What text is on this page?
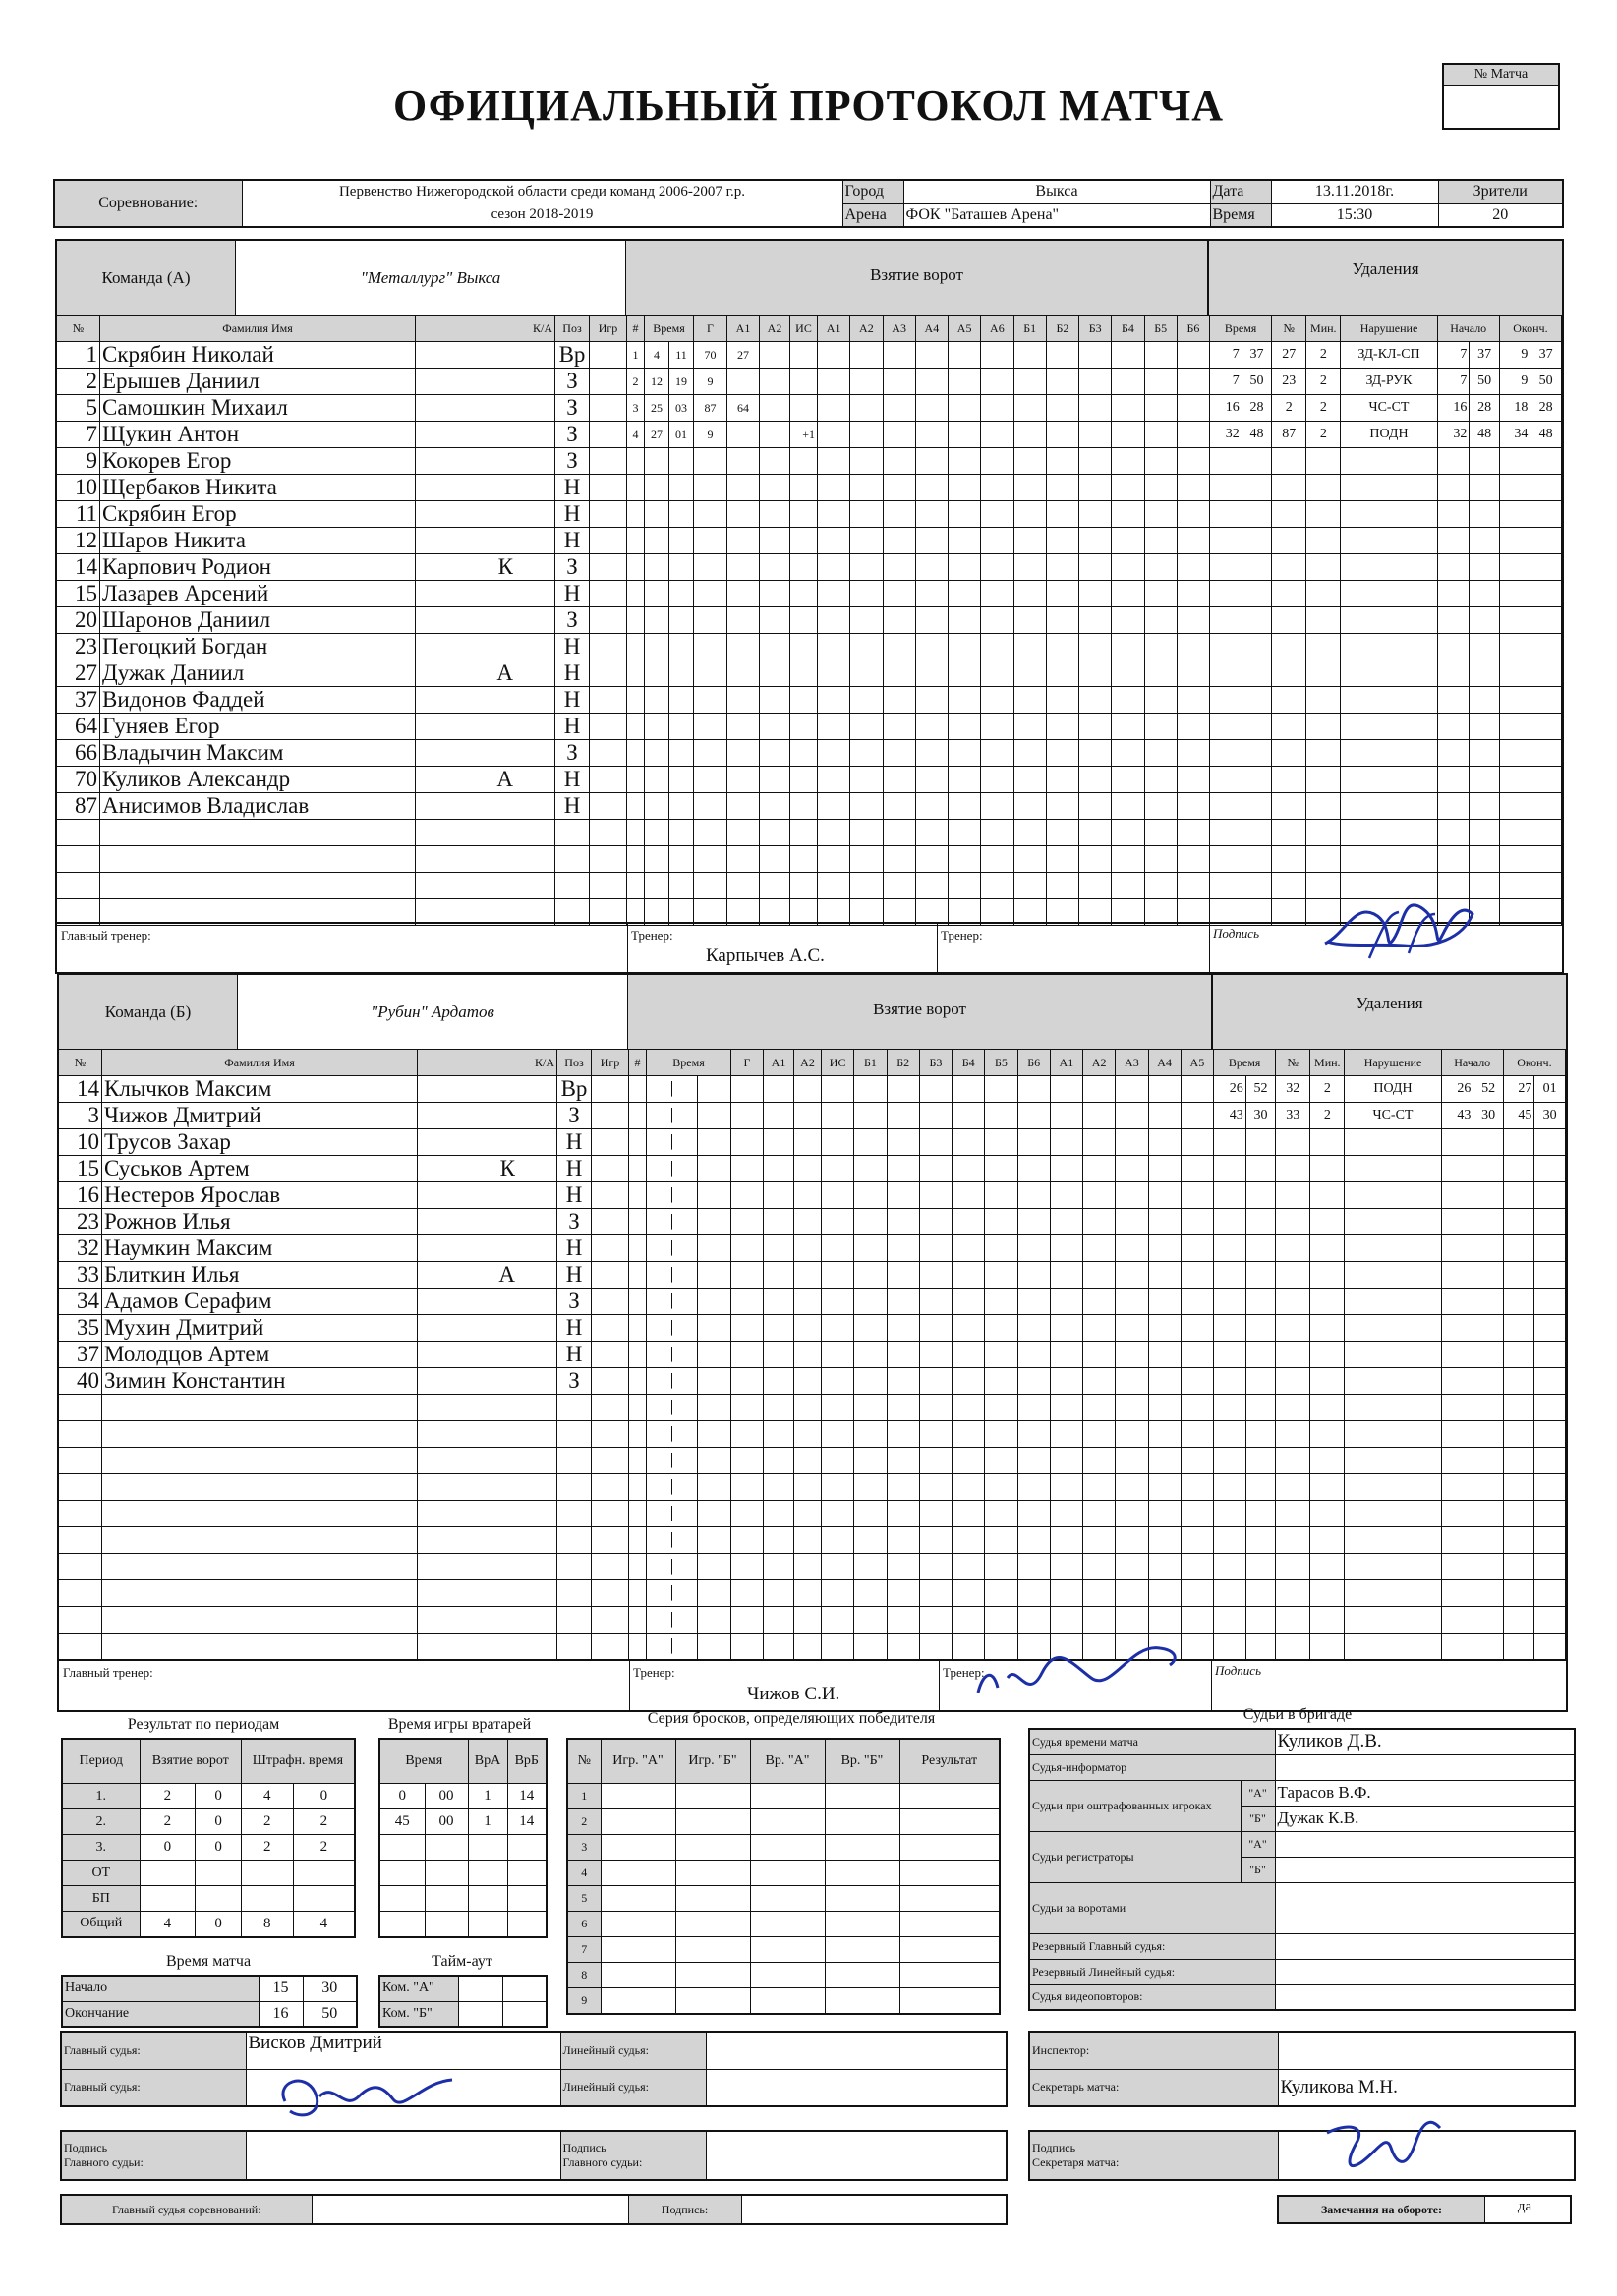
ОФИЦИАЛЬНЫЙ ПРОТОКОЛ МАТЧА
№ Матча
Соревнование:	Первенство Нижегородской области среди команд 2006-2007 г.р.	Город	Выкса	Дата	13.11.2018г.	Зрители
	сезон 2018-2019	Арена	ФОК "Баташев Арена"	Время	15:30	20
Команда (А)	"Металлург" Выкса	Взятие ворот	Удаления
№	Фамилия Имя	К/А	Поз	Игр
1	Скрябин Николай		Вр	
2	Ерышев Даниил		З	
5	Самошкин Михаил		З	
7	Щукин Антон		З	
9	Кокорев Егор		З	
10	Щербаков Никита		Н	
11	Скрябин Егор		Н	
12	Шаров Никита		Н	
14	Карпович Родион	К	З	
15	Лазарев Арсений		Н	
20	Шаронов Даниил		З	
23	Пегоцкий Богдан		Н	
27	Дужак Даниил	А	Н	
37	Видонов Фаддей		Н	
64	Гуняев Егор		Н	
66	Владычин Максим		З	
70	Куликов Александр	А	Н	
87	Анисимов Владислав		Н	

#	Время		Г	А1	А2	ИС	А1	А2	А3	А4	А5	А6	Б1	Б2	Б3	Б4	Б5	Б6
1	4	11	70	27														
2	12	19	9															
3	25	03	87	64														
4	27	01	9			+1												

Время		№	Мин.	Нарушение	Начало		Оконч.	
7	37	27	2	ЗД-КЛ-СП	7	37	9	37
7	50	23	2	ЗД-РУК	7	50	9	50
16	28	2	2	ЧС-СТ	16	28	18	28
32	48	87	2	ПОДН	32	48	34	48

Главный тренер:	Тренер:
Карпычев А.С.
Тренер:	Подпись
Команда (Б)	"Рубин" Ардатов	Взятие ворот	Удаления
№	Фамилия Имя	К/А	Поз	Игр
14	Клычков Максим		Вр	
3	Чижов Дмитрий		З	
10	Трусов Захар		Н	
15	Суськов Артем	К	Н	
16	Нестеров Ярослав		Н	
23	Рожнов Илья		З	
32	Наумкин Максим		Н	
33	Блиткин Илья	А	Н	
34	Адамов Серафим		З	
35	Мухин Дмитрий		Н	
37	Молодцов Артем		Н	
40	Зимин Константин		З	

#	Время		Г	А1	А2	ИС	Б1	Б2	Б3	Б4	Б5	Б6	А1	А2	А3	А4	А5	

																	Время		№	Мин.	Нарушение	Начало		Оконч.	
26	52	32	2	ПОДН	26	52	27	01
43	30	33	2	ЧС-СТ	43	30	45	30

Главный тренер:	Тренер:
Чижов С.И.
Тренер:	Подпись
Результат по периодам
Период	Взятие ворот		Штрафн. время	
1.	2	0	4	0
2.	2	0	2	2
3.	0	0	2	2
ОТ				
БП				
Общий	4	0	8	4
Время матча
Начало	15	30
Окончание	16	50
Время игры вратарей
Время		ВрА	ВрБ
0	00	1	14
45	00	1	14

Тайм-аут
Ком. "А"		
Ком. "Б"		
Серия бросков, определяющих победителя
№	Игр. "А"	Игр. "Б"	Вр. "А"	Вр. "Б"	Результат
1					
2					
3					
4					
5					
6					
7					
8					
9					
Судьи в бригаде
Судья времени матча		Куликов Д.В.
Судья-информатор		
Судьи при оштрафованных игроках	"А"	Тарасов В.Ф.
	"Б"	Дужак К.В.
Судьи регистраторы	"А"	
	"Б"	
Судьи за воротами		
Резервный Главный судья:		
Резервный Линейный судья:		
Судья видеоповторов:		
Главный судья:	Висков Дмитрий	Линейный судья:	
Главный судья:		Линейный судья:	
Подпись
Главного судьи:

Подпись
Главного судьи:

Главный судья соревнований:		Подпись:	
Инспектор:	
Секретарь матча:	Куликова М.Н.
Подпись
Секретаря матча:

Замечания на обороте:	да
